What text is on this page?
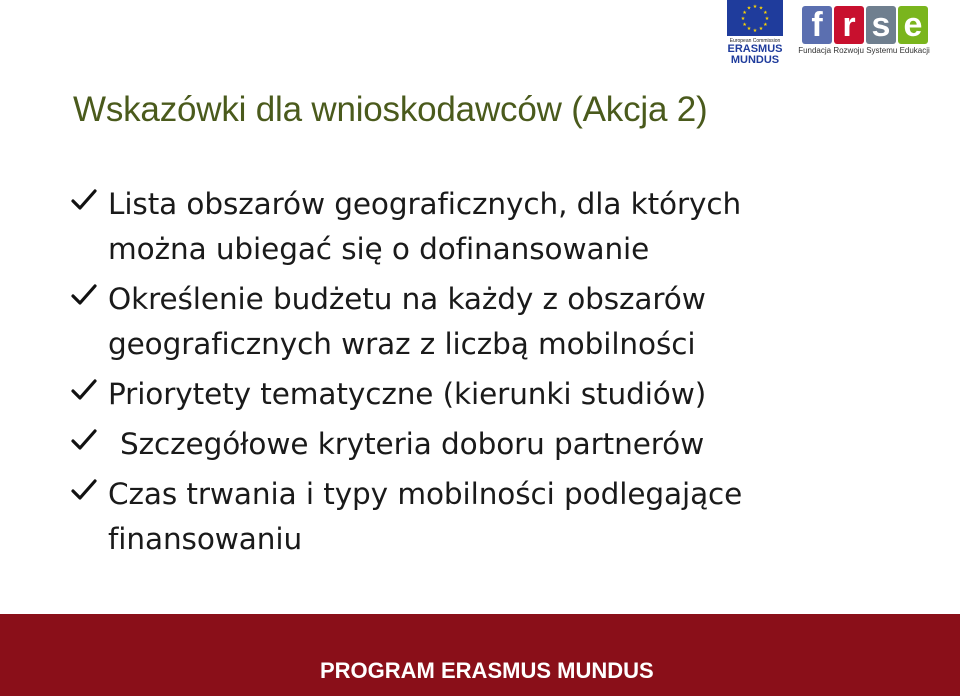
★ ★
★
★
★
★
★
★
★
★
★
★
European Commission
ERASMUS
MUNDUS
f r s e
Fundacja Rozwoju Systemu Edukacji
Wskazówki dla wnioskodawców (Akcja 2)
Lista obszarów geograficznych, dla których
można ubiegać się o dofinansowanie
Określenie budżetu na każdy z obszarów
geograficznych wraz z liczbą mobilności
Priorytety tematyczne (kierunki studiów)
Szczegółowe kryteria doboru partnerów
Czas trwania i typy mobilności podlegające
finansowaniu
PROGRAM ERASMUS MUNDUS
